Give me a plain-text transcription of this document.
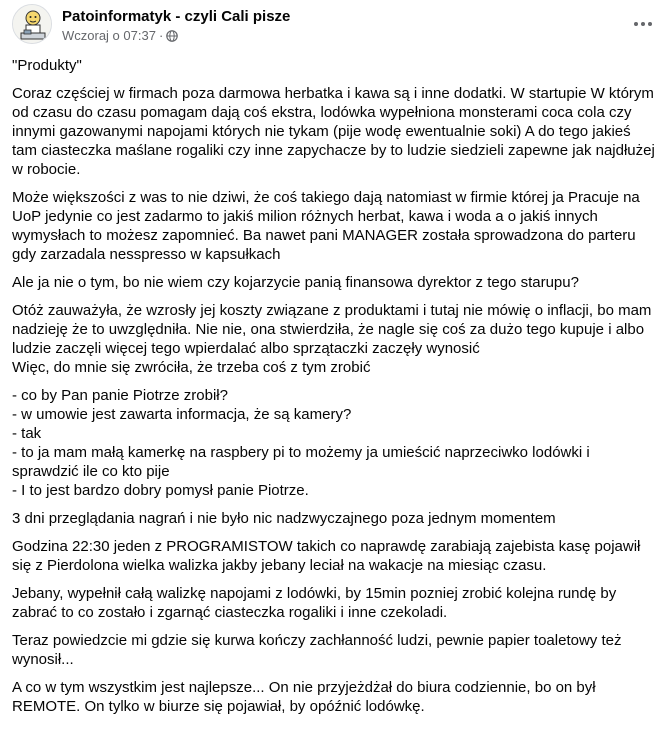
Patoinformatyk - czyli Cali pisze
Wczoraj o 07:37 ·

"Produkty"

Coraz częściej w firmach poza darmowa herbatka i kawa są i inne dodatki. W startupie W którym od czasu do czasu pomagam dają coś ekstra, lodówka wypełniona monsterami coca cola czy innymi gazowanymi napojami których nie tykam (pije wodę ewentualnie soki) A do tego jakieś tam ciasteczka maślane rogaliki czy inne zapychacze by to ludzie siedzieli zapewne jak najdłużej w robocie.

Może większości z was to nie dziwi, że coś takiego dają natomiast w firmie której ja Pracuje na UoP jedynie co jest zadarmo to jakiś milion różnych herbat, kawa i woda a o jakiś innych wymysłach to możesz zapomnieć. Ba nawet pani MANAGER została sprowadzona do parteru gdy zarzadala nesspresso w kapsułkach

Ale ja nie o tym, bo nie wiem czy kojarzycie panią finansowa dyrektor z tego starupu?

Otóż zauważyła, że wzrosły jej koszty związane z produktami i tutaj nie mówię o inflacji, bo mam nadzieję że to uwzględniła. Nie nie, ona stwierdziła, że nagle się coś za dużo tego kupuje i albo ludzie zaczęli więcej tego wpierdalać albo sprzątaczki zaczęły wynosić
Więc, do mnie się zwróciła, że trzeba coś z tym zrobić

- co by Pan panie Piotrze zrobił?
- w umowie jest zawarta informacja, że są kamery?
- tak
- to ja mam małą kamerkę na raspbery pi to możemy ja umieścić naprzeciwko lodówki i sprawdzić ile co kto pije
- I to jest bardzo dobry pomysł panie Piotrze.

3 dni przeglądania nagrań i nie było nic nadzwyczajnego poza jednym momentem

Godzina 22:30 jeden z PROGRAMISTOW takich co naprawdę zarabiają zajebista kasę pojawił się z Pierdolona wielka walizka jakby jebany leciał na wakacje na miesiąc czasu.

Jebany, wypełnił całą walizkę napojami z lodówki, by 15min pozniej zrobić kolejna rundę by zabrać to co zostało i zgarnąć ciasteczka rogaliki i inne czekoladi.

Teraz powiedzcie mi gdzie się kurwa kończy zachłanność ludzi, pewnie papier toaletowy też wynosił...

A co w tym wszystkim jest najlepsze... On nie przyjeżdżał do biura codziennie, bo on był REMOTE. On tylko w biurze się pojawiał, by opóźnić lodówkę.
